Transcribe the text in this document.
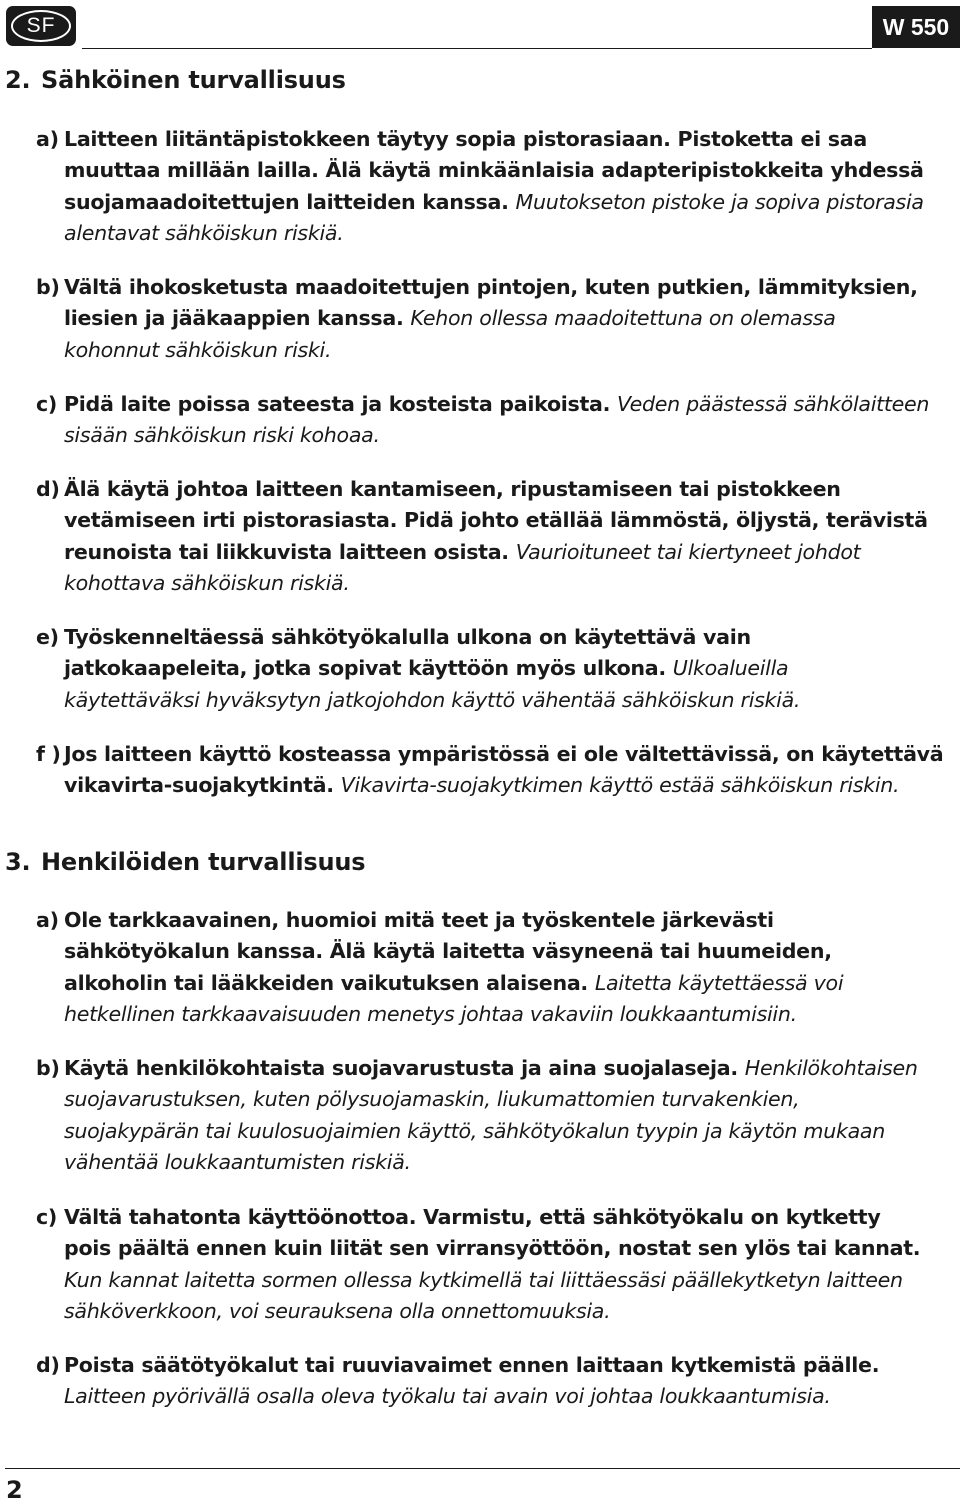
SF	W 550
2. Sähköinen turvallisuus
a) Laitteen liitäntäpistokkeen täytyy sopia pistorasiaan. Pistoketta ei saa
muuttaa millään lailla. Älä käytä minkäänlaisia adapteripistokkeita yhdessä
suojamaadoitettujen laitteiden kanssa. Muutokseton pistoke ja sopiva pistorasia
alentavat sähköiskun riskiä.
b) Vältä ihokosketusta maadoitettujen pintojen, kuten putkien, lämmityksien,
liesien ja jääkaappien kanssa. Kehon ollessa maadoitettuna on olemassa
kohonnut sähköiskun riski.
c) Pidä laite poissa sateesta ja kosteista paikoista. Veden päästessä sähkölaitteen
sisään sähköiskun riski kohoaa.
d) Älä käytä johtoa laitteen kantamiseen, ripustamiseen tai pistokkeen
vetämiseen irti pistorasiasta. Pidä johto etällää lämmöstä, öljystä, terävistä
reunoista tai liikkuvista laitteen osista. Vaurioituneet tai kiertyneet johdot
kohottava sähköiskun riskiä.
e) Työskenneltäessä sähkötyökalulla ulkona on käytettävä vain
jatkokaapeleita, jotka sopivat käyttöön myös ulkona. Ulkoalueilla
käytettäväksi hyväksytyn jatkojohdon käyttö vähentää sähköiskun riskiä.
f ) Jos laitteen käyttö kosteassa ympäristössä ei ole vältettävissä, on käytettävä
vikavirta-suojakytkintä. Vikavirta-suojakytkimen käyttö estää sähköiskun riskin.
3. Henkilöiden turvallisuus
a) Ole tarkkaavainen, huomioi mitä teet ja työskentele järkevästi
sähkötyökalun kanssa. Älä käytä laitetta väsyneenä tai huumeiden,
alkoholin tai lääkkeiden vaikutuksen alaisena. Laitetta käytettäessä voi
hetkellinen tarkkaavaisuuden menetys johtaa vakaviin loukkaantumisiin.
b) Käytä henkilökohtaista suojavarustusta ja aina suojalaseja. Henkilökohtaisen
suojavarustuksen, kuten pölysuojamaskin, liukumattomien turvakenkien,
suojakypärän tai kuulosuojaimien käyttö, sähkötyökalun tyypin ja käytön mukaan
vähentää loukkaantumisten riskiä.
c) Vältä tahatonta käyttöönottoa. Varmistu, että sähkötyökalu on kytketty
pois päältä ennen kuin liität sen virransyöttöön, nostat sen ylös tai kannat.
Kun kannat laitetta sormen ollessa kytkimellä tai liittäessäsi päällekytketyn laitteen
sähköverkkoon, voi seurauksena olla onnettomuuksia.
d) Poista säätötyökalut tai ruuviavaimet ennen laittaan kytkemistä päälle.
Laitteen pyörivällä osalla oleva työkalu tai avain voi johtaa loukkaantumisia.
2
